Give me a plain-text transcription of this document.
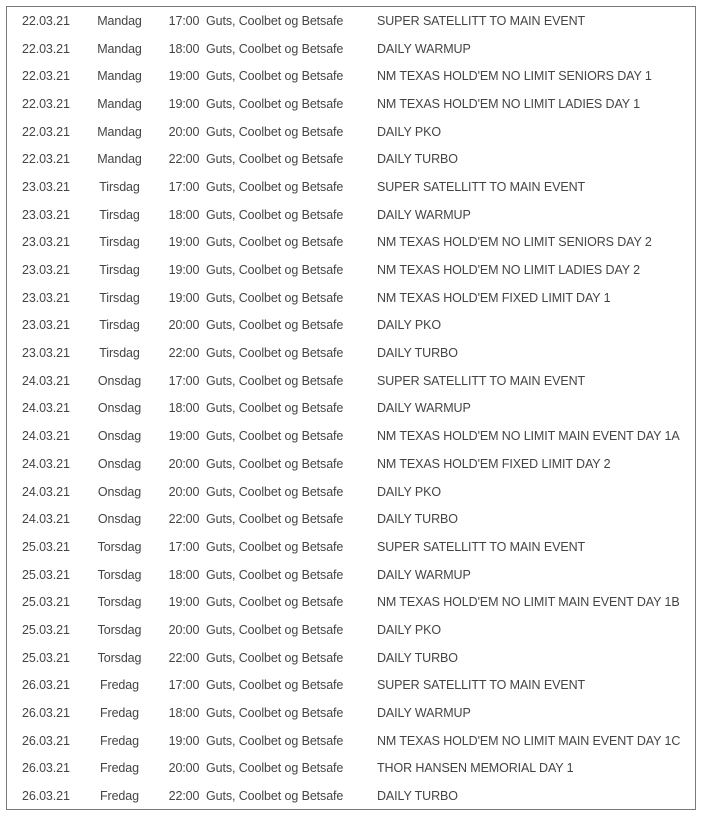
22.03.21	Mandag	17:00	Guts, Coolbet og Betsafe	SUPER SATELLITT TO MAIN EVENT
22.03.21	Mandag	18:00	Guts, Coolbet og Betsafe	DAILY WARMUP
22.03.21	Mandag	19:00	Guts, Coolbet og Betsafe	NM TEXAS HOLD'EM NO LIMIT SENIORS DAY 1
22.03.21	Mandag	19:00	Guts, Coolbet og Betsafe	NM TEXAS HOLD'EM NO LIMIT LADIES DAY 1
22.03.21	Mandag	20:00	Guts, Coolbet og Betsafe	DAILY PKO
22.03.21	Mandag	22:00	Guts, Coolbet og Betsafe	DAILY TURBO
23.03.21	Tirsdag	17:00	Guts, Coolbet og Betsafe	SUPER SATELLITT TO MAIN EVENT
23.03.21	Tirsdag	18:00	Guts, Coolbet og Betsafe	DAILY WARMUP
23.03.21	Tirsdag	19:00	Guts, Coolbet og Betsafe	NM TEXAS HOLD'EM NO LIMIT SENIORS DAY 2
23.03.21	Tirsdag	19:00	Guts, Coolbet og Betsafe	NM TEXAS HOLD'EM NO LIMIT LADIES DAY 2
23.03.21	Tirsdag	19:00	Guts, Coolbet og Betsafe	NM TEXAS HOLD'EM FIXED LIMIT DAY 1
23.03.21	Tirsdag	20:00	Guts, Coolbet og Betsafe	DAILY PKO
23.03.21	Tirsdag	22:00	Guts, Coolbet og Betsafe	DAILY TURBO
24.03.21	Onsdag	17:00	Guts, Coolbet og Betsafe	SUPER SATELLITT TO MAIN EVENT
24.03.21	Onsdag	18:00	Guts, Coolbet og Betsafe	DAILY WARMUP
24.03.21	Onsdag	19:00	Guts, Coolbet og Betsafe	NM TEXAS HOLD'EM NO LIMIT MAIN EVENT DAY 1A
24.03.21	Onsdag	20:00	Guts, Coolbet og Betsafe	NM TEXAS HOLD'EM FIXED LIMIT DAY 2
24.03.21	Onsdag	20:00	Guts, Coolbet og Betsafe	DAILY PKO
24.03.21	Onsdag	22:00	Guts, Coolbet og Betsafe	DAILY TURBO
25.03.21	Torsdag	17:00	Guts, Coolbet og Betsafe	SUPER SATELLITT TO MAIN EVENT
25.03.21	Torsdag	18:00	Guts, Coolbet og Betsafe	DAILY WARMUP
25.03.21	Torsdag	19:00	Guts, Coolbet og Betsafe	NM TEXAS HOLD'EM NO LIMIT MAIN EVENT DAY 1B
25.03.21	Torsdag	20:00	Guts, Coolbet og Betsafe	DAILY PKO
25.03.21	Torsdag	22:00	Guts, Coolbet og Betsafe	DAILY TURBO
26.03.21	Fredag	17:00	Guts, Coolbet og Betsafe	SUPER SATELLITT TO MAIN EVENT
26.03.21	Fredag	18:00	Guts, Coolbet og Betsafe	DAILY WARMUP
26.03.21	Fredag	19:00	Guts, Coolbet og Betsafe	NM TEXAS HOLD'EM NO LIMIT MAIN EVENT DAY 1C
26.03.21	Fredag	20:00	Guts, Coolbet og Betsafe	THOR HANSEN MEMORIAL DAY 1
26.03.21	Fredag	22:00	Guts, Coolbet og Betsafe	DAILY TURBO
